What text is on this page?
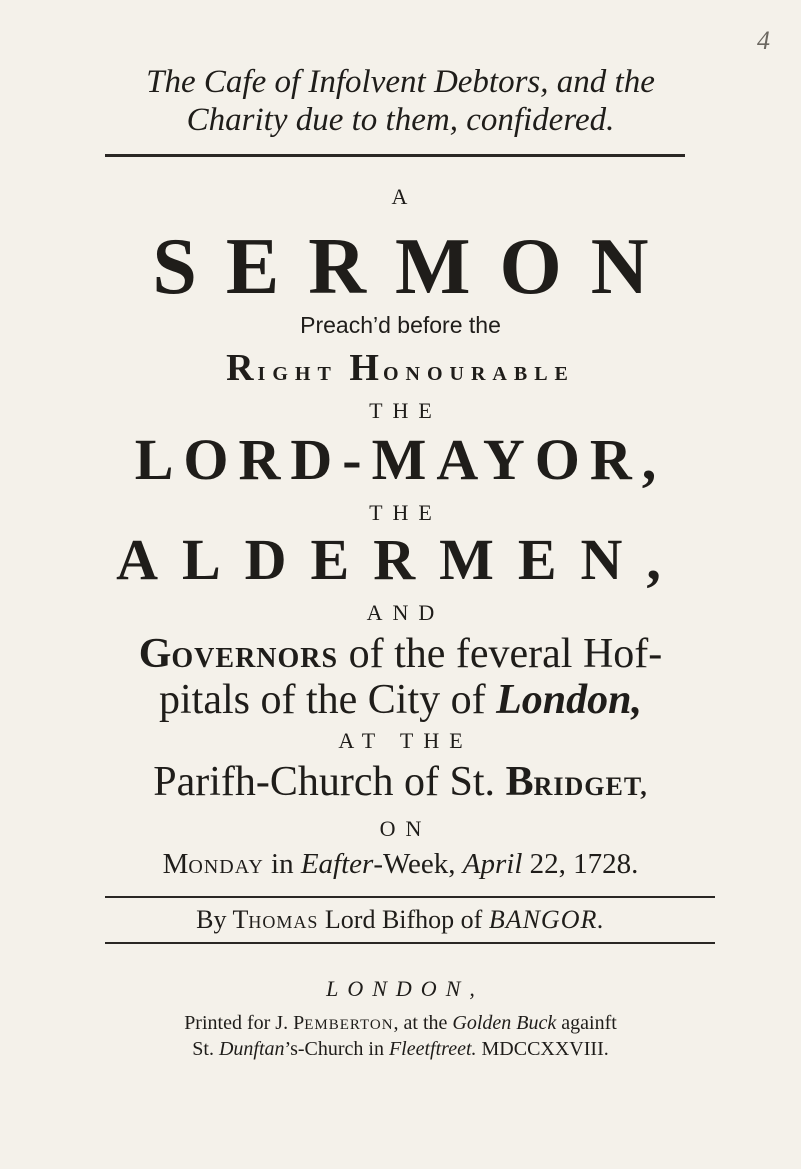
4
The Cafe of Infolvent Debtors, and the
Charity due to them, confidered.
A
SERMON
Preach’d before the
RIGHT HONOURABLE
THE
LORD-MAYOR,
THE
ALDERMEN,
AND
GOVERNORS of the feveral Hof-
pitals of the City of London,
AT THE
Parifh-Church of St. BRIDGET,
ON
MONDAY in Eafter-Week, April 22, 1728.
By THOMAS Lord Bifhop of BANGOR.
LONDON,
Printed for J. PEMBERTON, at the Golden Buck againft
St. Dunftan’s-Church in Fleetftreet. MDCCXXVIII.
